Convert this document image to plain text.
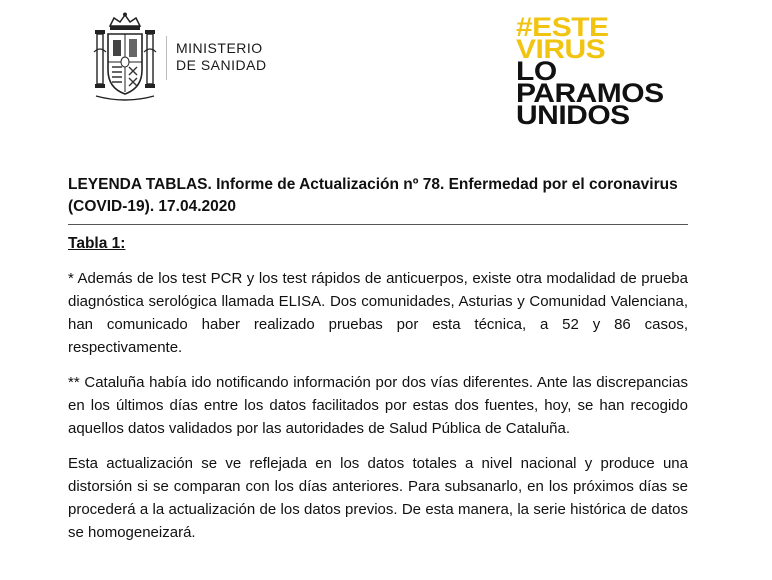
MINISTERIO
DE SANIDAD
#ESTE
VIRUS
LO
PARAMOS
UNIDOS

LEYENDA TABLAS. Informe de Actualización nº 78. Enfermedad por el coronavirus (COVID-19). 17.04.2020

Tabla 1:

* Además de los test PCR y los test rápidos de anticuerpos, existe otra modalidad de prueba diagnóstica serológica llamada ELISA. Dos comunidades, Asturias y Comunidad Valenciana, han comunicado haber realizado pruebas por esta técnica, a 52 y 86 casos, respectivamente.

** Cataluña había ido notificando información por dos vías diferentes. Ante las discrepancias en los últimos días entre los datos facilitados por estas dos fuentes, hoy, se han recogido aquellos datos validados por las autoridades de Salud Pública de Cataluña.

Esta actualización se ve reflejada en los datos totales a nivel nacional y produce una distorsión si se comparan con los días anteriores. Para subsanarlo, en los próximos días se procederá a la actualización de los datos previos. De esta manera, la serie histórica de datos se homogeneizará.
